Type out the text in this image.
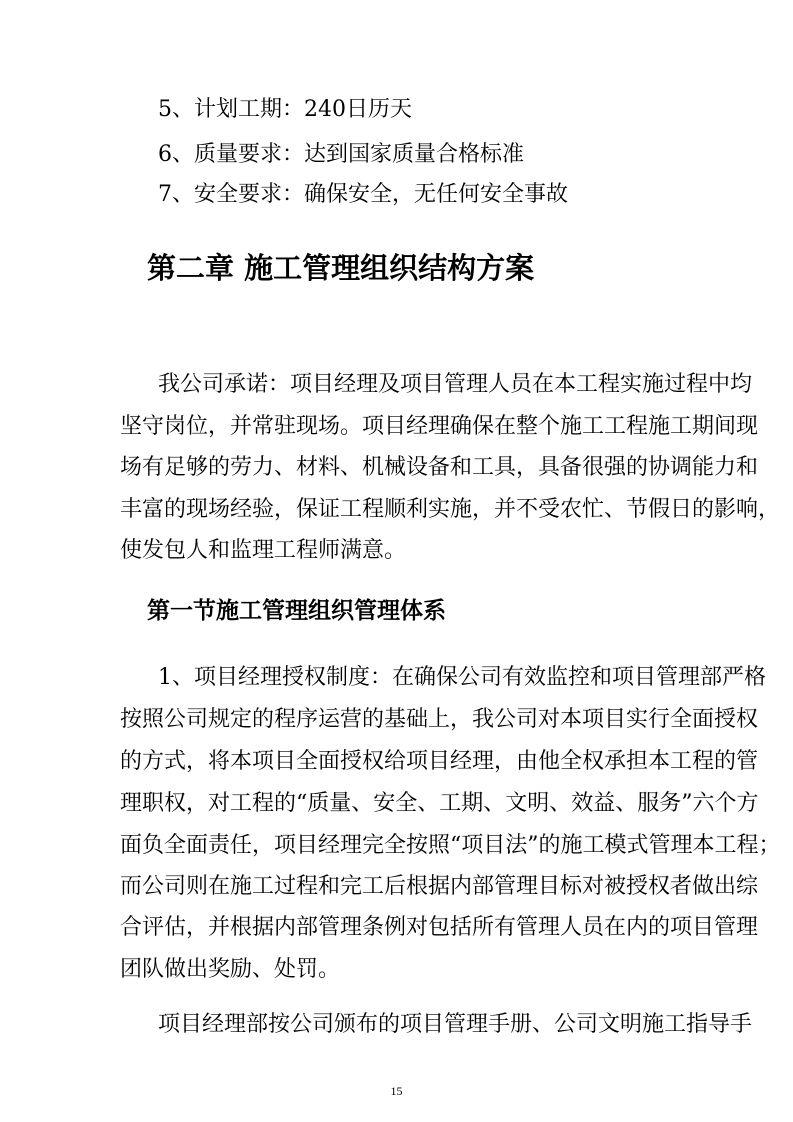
5、计划工期：240日历天
6、质量要求：达到国家质量合格标准
7、安全要求：确保安全，无任何安全事故
第二章 施工管理组织结构方案
我公司承诺：项目经理及项目管理人员在本工程实施过程中均
坚守岗位，并常驻现场。项目经理确保在整个施工工程施工期间现
场有足够的劳力、材料、机械设备和工具，具备很强的协调能力和
丰富的现场经验，保证工程顺利实施，并不受农忙、节假日的影响，
使发包人和监理工程师满意。
第一节施工管理组织管理体系
1、项目经理授权制度：在确保公司有效监控和项目管理部严格
按照公司规定的程序运营的基础上，我公司对本项目实行全面授权
的方式，将本项目全面授权给项目经理，由他全权承担本工程的管
理职权，对工程的“质量、安全、工期、文明、效益、服务”六个方
面负全面责任，项目经理完全按照“项目法”的施工模式管理本工程；
而公司则在施工过程和完工后根据内部管理目标对被授权者做出综
合评估，并根据内部管理条例对包括所有管理人员在内的项目管理
团队做出奖励、处罚。
项目经理部按公司颁布的项目管理手册、公司文明施工指导手
15
